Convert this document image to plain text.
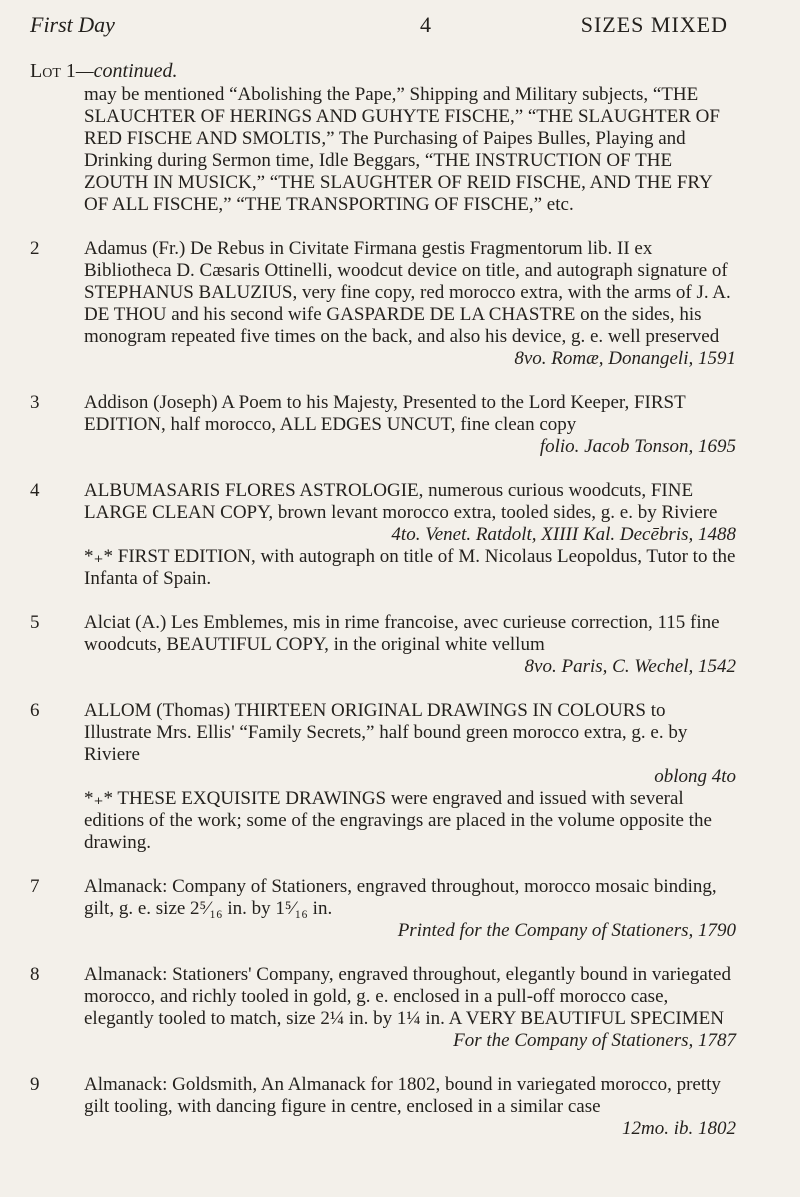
First Day	4	SIZES MIXED
Lot 1—continued.

may be mentioned “Abolishing the Pape,” Shipping and Military subjects, “THE SLAUCHTER OF HERINGS AND GUHYTE FISCHE,” “THE SLAUGHTER OF RED FISCHE AND SMOLTIS,” The Purchasing of Paipes Bulles, Playing and Drinking during Sermon time, Idle Beggars, “THE INSTRUCTION OF THE ZOUTH IN MUSICK,” “THE SLAUGHTER OF REID FISCHE, AND THE FRY OF ALL FISCHE,” “THE TRANSPORTING OF FISCHE,” etc.

2	Adamus (Fr.) De Rebus in Civitate Firmana gestis Fragmentorum lib. II ex Bibliotheca D. Cæsaris Ottinelli, woodcut device on title, and autograph signature of STEPHANUS BALUZIUS, very fine copy, red morocco extra, with the arms of J. A. DE THOU and his second wife GASPARDE DE LA CHASTRE on the sides, his monogram repeated five times on the back, and also his device, g. e. well preserved

8vo. Romæ, Donangeli, 1591

3	Addison (Joseph) A Poem to his Majesty, Presented to the Lord Keeper, FIRST EDITION, half morocco, ALL EDGES UNCUT, fine clean copy

folio. Jacob Tonson, 1695

4	ALBUMASARIS FLORES ASTROLOGIE, numerous curious woodcuts, FINE LARGE CLEAN COPY, brown levant morocco extra, tooled sides, g. e. by Riviere

4to. Venet. Ratdolt, XIIII Kal. Decēbris, 1488

*₊* FIRST EDITION, with autograph on title of M. Nicolaus Leopoldus, Tutor to the Infanta of Spain.

5	Alciat (A.) Les Emblemes, mis in rime francoise, avec curieuse correction, 115 fine woodcuts, BEAUTIFUL COPY, in the original white vellum

8vo. Paris, C. Wechel, 1542

6	ALLOM (Thomas) THIRTEEN ORIGINAL DRAWINGS IN COLOURS to Illustrate Mrs. Ellis' “Family Secrets,” half bound green morocco extra, g. e. by Riviere

oblong 4to

*₊* THESE EXQUISITE DRAWINGS were engraved and issued with several editions of the work; some of the engravings are placed in the volume opposite the drawing.

7	Almanack: Company of Stationers, engraved throughout, morocco mosaic binding, gilt, g. e. size 2⁵⁄₁₆ in. by 1⁵⁄₁₆ in.

Printed for the Company of Stationers, 1790

8	Almanack: Stationers' Company, engraved throughout, elegantly bound in variegated morocco, and richly tooled in gold, g. e. enclosed in a pull-off morocco case, elegantly tooled to match, size 2¼ in. by 1¼ in. A VERY BEAUTIFUL SPECIMEN

For the Company of Stationers, 1787

9	Almanack: Goldsmith, An Almanack for 1802, bound in variegated morocco, pretty gilt tooling, with dancing figure in centre, enclosed in a similar case

12mo. ib. 1802
